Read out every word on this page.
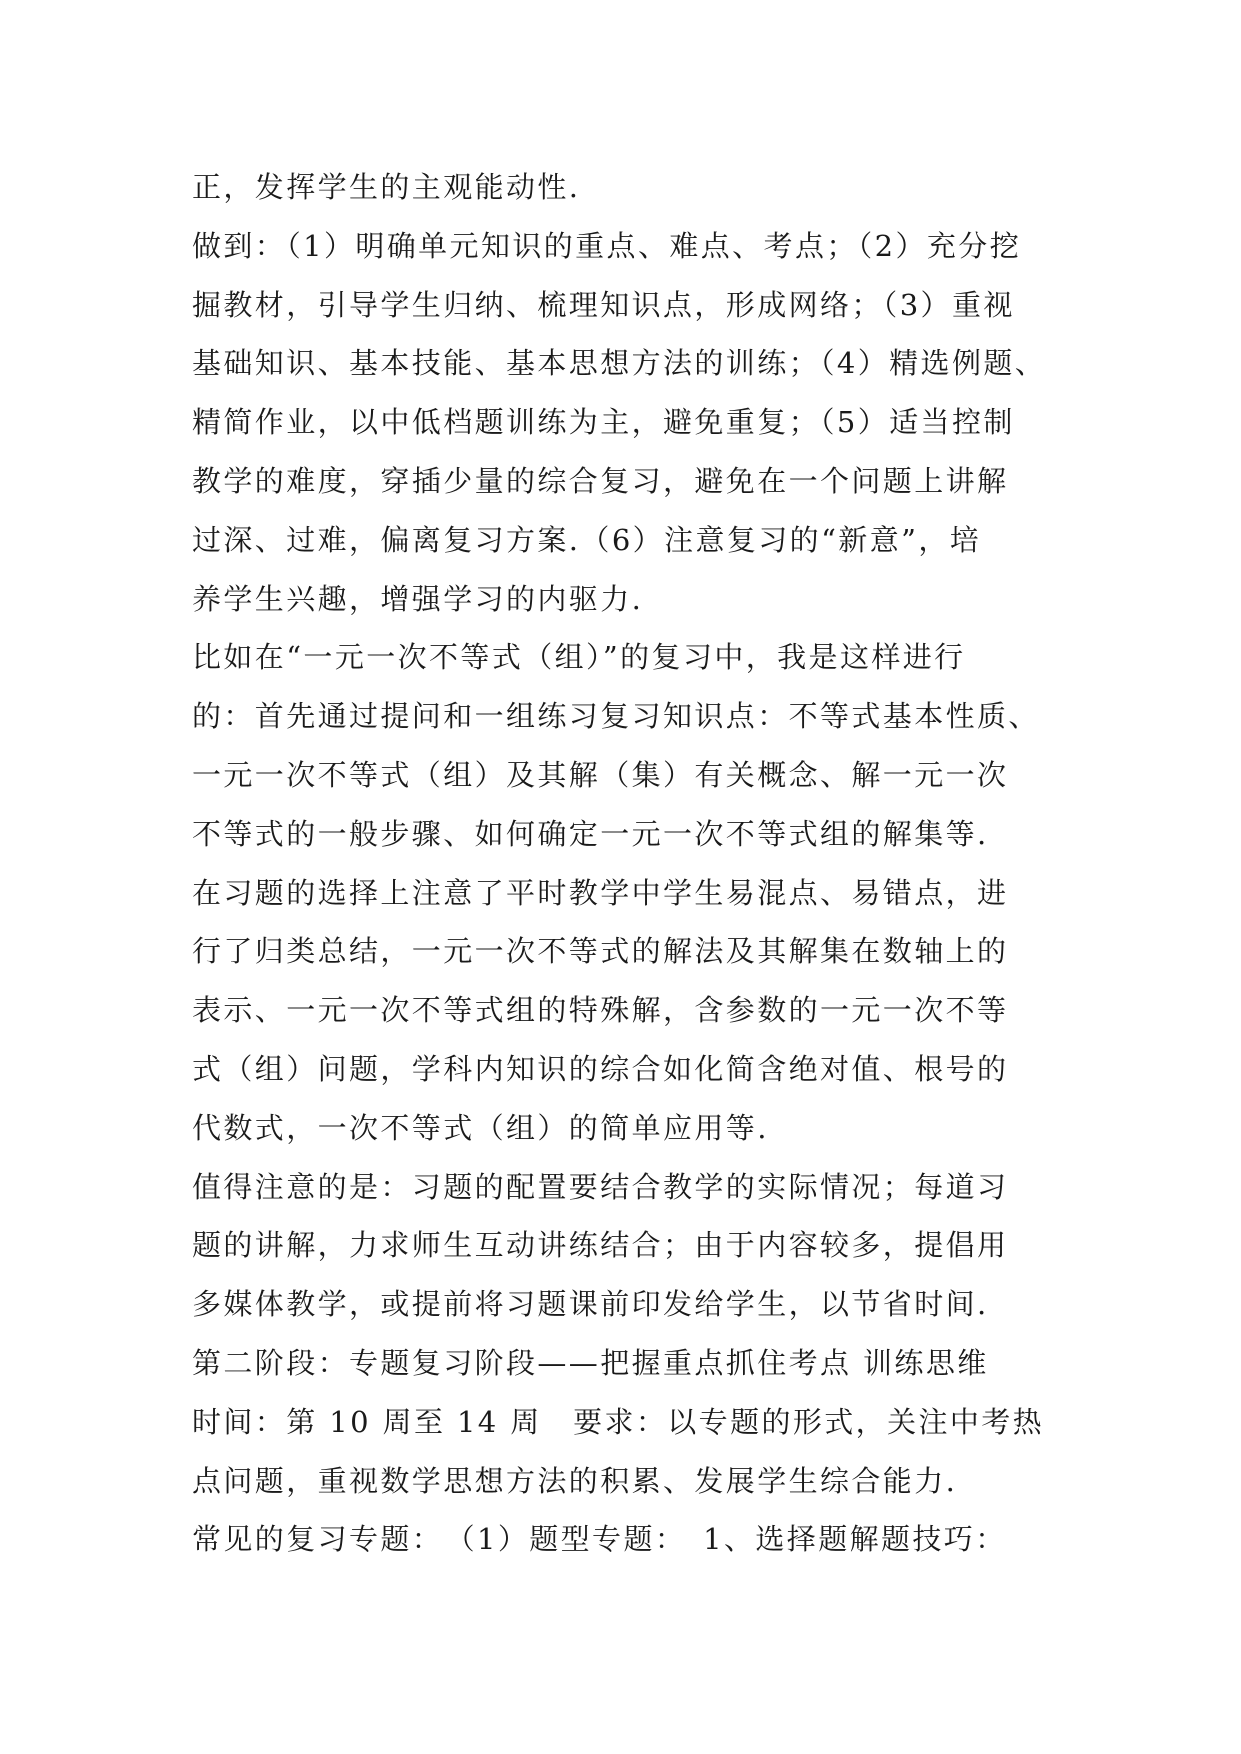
正，发挥学生的主观能动性.
做到：（1）明确单元知识的重点、难点、考点；（2）充分挖
掘教材，引导学生归纳、梳理知识点，形成网络；（3）重视
基础知识、基本技能、基本思想方法的训练；（4）精选例题、
精简作业，以中低档题训练为主，避免重复；（5）适当控制
教学的难度，穿插少量的综合复习，避免在一个问题上讲解
过深、过难，偏离复习方案.（6）注意复习的“新意”，培
养学生兴趣，增强学习的内驱力.
比如在“一元一次不等式（组）”的复习中，我是这样进行
的：首先通过提问和一组练习复习知识点：不等式基本性质、
一元一次不等式（组）及其解（集）有关概念、解一元一次
不等式的一般步骤、如何确定一元一次不等式组的解集等.
在习题的选择上注意了平时教学中学生易混点、易错点，进
行了归类总结，一元一次不等式的解法及其解集在数轴上的
表示、一元一次不等式组的特殊解，含参数的一元一次不等
式（组）问题，学科内知识的综合如化简含绝对值、根号的
代数式，一次不等式（组）的简单应用等.
值得注意的是：习题的配置要结合教学的实际情况；每道习
题的讲解，力求师生互动讲练结合；由于内容较多，提倡用
多媒体教学，或提前将习题课前印发给学生，以节省时间.
第二阶段：专题复习阶段——把握重点抓住考点 训练思维
时间：第 10 周至 14 周　要求：以专题的形式，关注中考热
点问题，重视数学思想方法的积累、发展学生综合能力.
常见的复习专题：　（1）题型专题：　1、选择题解题技巧：
